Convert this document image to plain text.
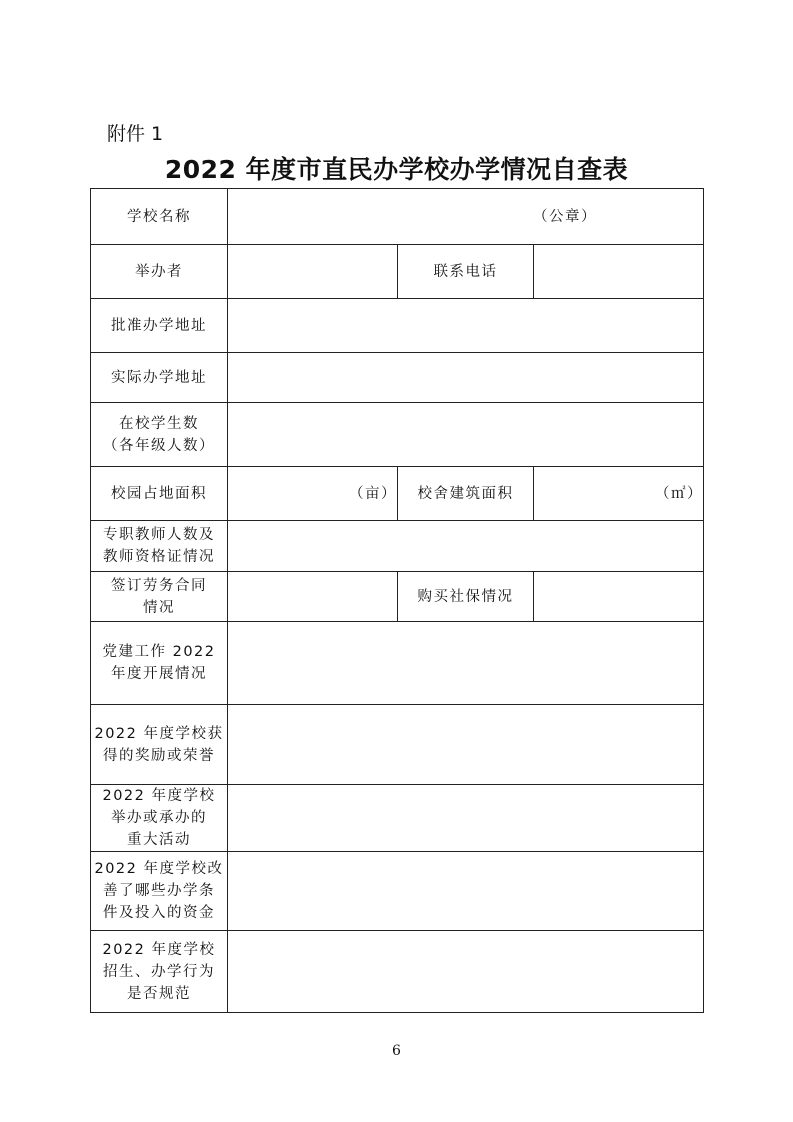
附件 1
2022 年度市直民办学校办学情况自查表
学校名称	（公章）		

举办者		联系电话	
批准办学地址			
实际办学地址			

在校学生数
（各年级人数）			

校园占地面积	（亩）	校舍建筑面积	（㎡）

专职教师人数及
教师资格证情况			

签订劳务合同
情况		购买社保情况	

党建工作 2022
年度开展情况			

2022 年度学校获
得的奖励或荣誉			

2022 年度学校
举办或承办的
重大活动			

2022 年度学校改
善了哪些办学条
件及投入的资金			

2022 年度学校
招生、办学行为
是否规范			

6
